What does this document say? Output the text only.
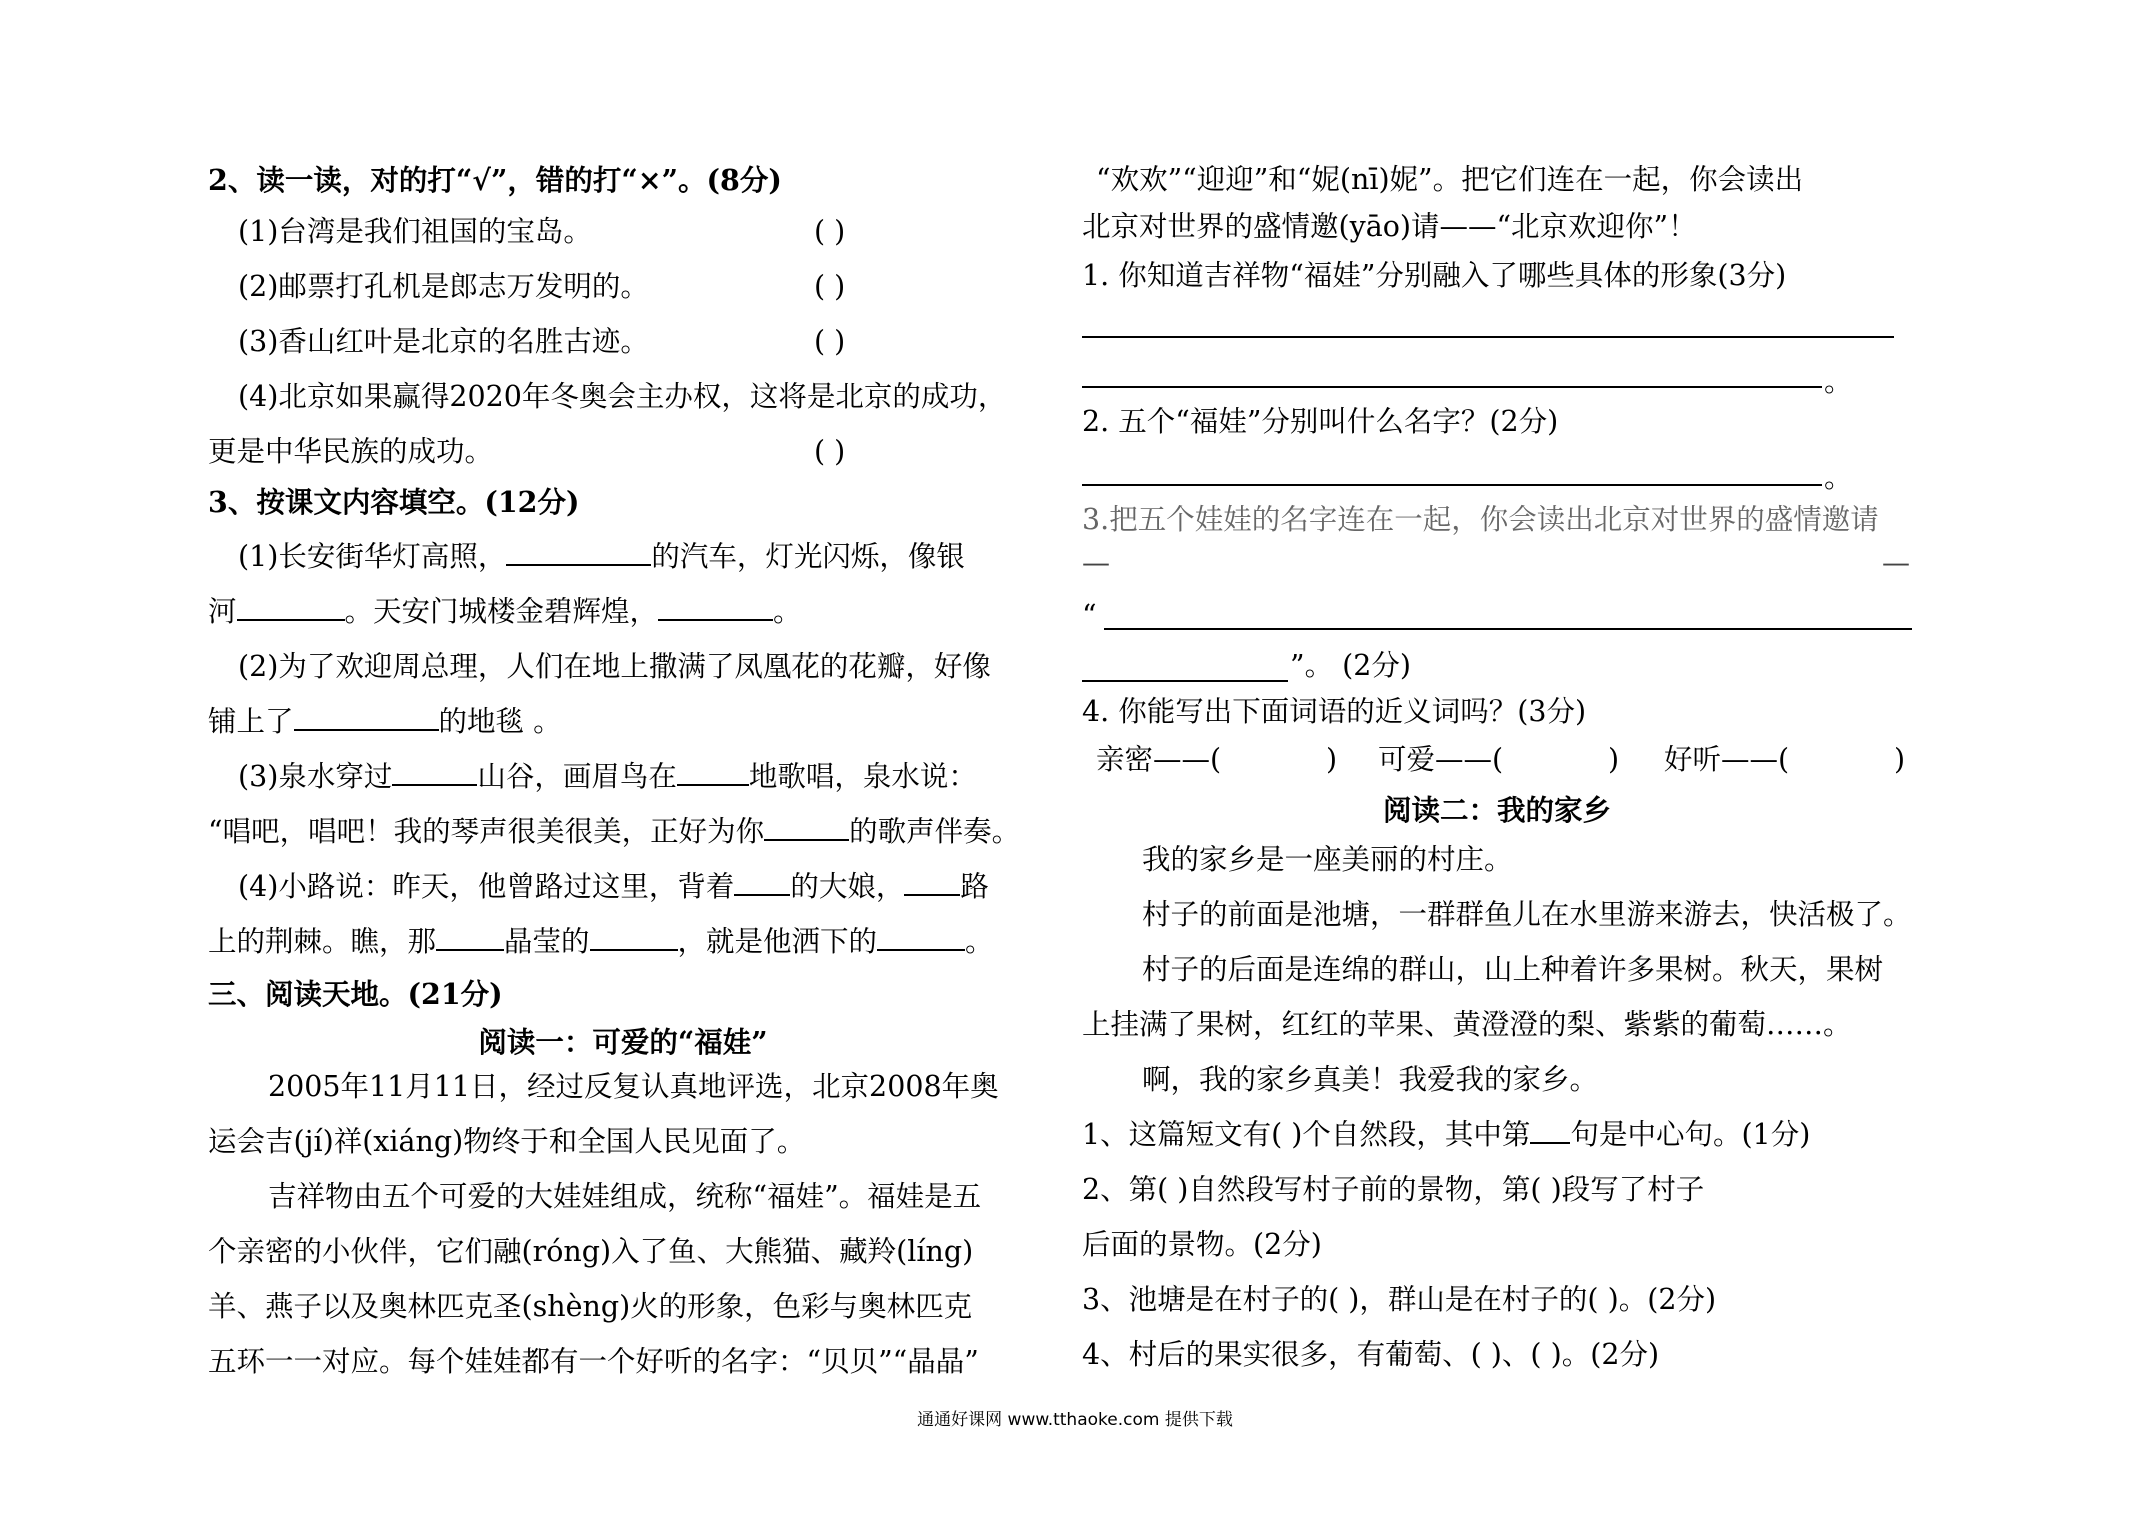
2、读一读，对的打“√”，错的打“×”。(8分)
(1)台湾是我们祖国的宝岛。	( )
(2)邮票打孔机是郎志万发明的。	( )
(3)香山红叶是北京的名胜古迹。	( )
(4)北京如果赢得2020年冬奥会主办权，这将是北京的成功，
更是中华民族的成功。	( )
3、按课文内容填空。(12分)
(1)长安街华灯高照，	的汽车，灯光闪烁，像银
河	。天安门城楼金碧辉煌，	。
(2)为了欢迎周总理，人们在地上撒满了凤凰花的花瓣，好像
铺上了	的地毯 。
(3)泉水穿过	山谷，画眉鸟在	地歌唱，泉水说：
“唱吧，唱吧！我的琴声很美很美，正好为你	的歌声伴奏。
(4)小路说：昨天，他曾路过这里，背着 的大娘， 路
上的荆棘。瞧，那 晶莹的	，就是他洒下的	。
三、阅读天地。(21分)
阅读一：可爱的“福娃”
2005年11月11日，经过反复认真地评选，北京2008年奥
运会吉(jí)祥(xiáng)物终于和全国人民见面了。
吉祥物由五个可爱的大娃娃组成，统称“福娃”。福娃是五
个亲密的小伙伴，它们融(róng)入了鱼、大熊猫、藏羚(líng)
羊、燕子以及奥林匹克圣(shèng)火的形象，色彩与奥林匹克
五环一一对应。每个娃娃都有一个好听的名字：“贝贝”“晶晶”
“欢欢”“迎迎”和“妮(nī)妮”。把它们连在一起，你会读出
北京对世界的盛情邀(yāo)请——“北京欢迎你”！
1. 你知道吉祥物“福娃”分别融入了哪些具体的形象(3分)
。
2. 五个“福娃”分别叫什么名字？(2分)
。
3.把五个娃娃的名字连在一起，你会读出北京对世界的盛情邀请
—	—
“
”。 (2分)
4. 你能写出下面词语的近义词吗？(3分)
亲密——(	) 可爱——(	) 好听——(	)
阅读二：我的家乡
我的家乡是一座美丽的村庄。
村子的前面是池塘，一群群鱼儿在水里游来游去，快活极了。
村子的后面是连绵的群山，山上种着许多果树。秋天，果树
上挂满了果树，红红的苹果、黄澄澄的梨、紫紫的葡萄……。
啊，我的家乡真美！我爱我的家乡。
1、这篇短文有( )个自然段，其中第 句是中心句。(1分)
2、第( )自然段写村子前的景物，第( )段写了村子
后面的景物。(2分)
3、池塘是在村子的( )，群山是在村子的( )。(2分)
4、村后的果实很多，有葡萄、( )、( )。(2分)
通通好课网 www.tthaoke.com 提供下载
